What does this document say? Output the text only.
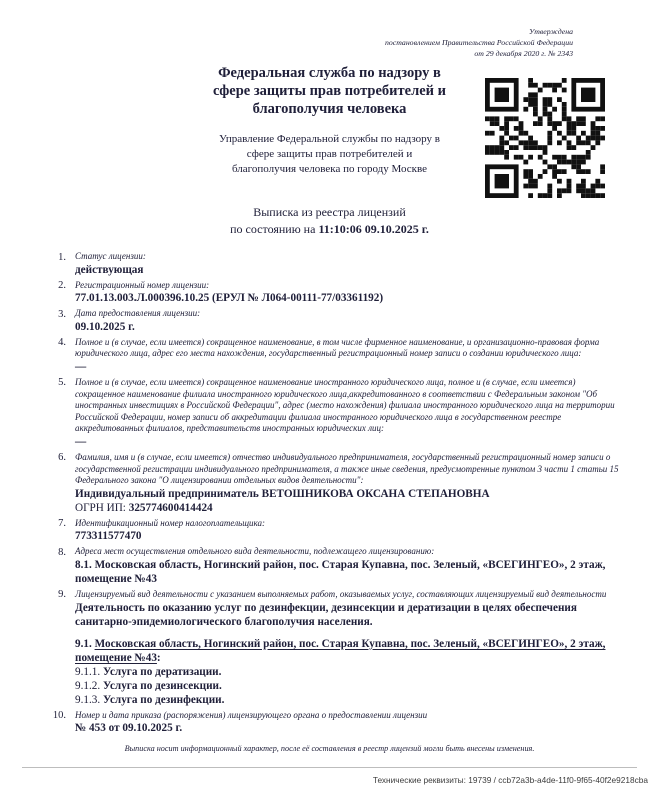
Утверждена
постановлением Правительства Российской Федерации
от 29 декабря 2020 г. № 2343
Федеральная служба по надзору в
сфере защиты прав потребителей и
благополучия человека
Управление Федеральной службы по надзору в
сфере защиты прав потребителей и
благополучия человека по городу Москве
Выписка из реестра лицензий
по состоянию на 11:10:06 09.10.2025 г.
1. Статус лицензии:
действующая
2. Регистрационный номер лицензии:
77.01.13.003.Л.000396.10.25 (ЕРУЛ № Л064-00111-77/03361192)
3. Дата предоставления лицензии:
09.10.2025 г.
4. Полное и (в случае, если имеется) сокращенное наименование, в том числе фирменное наименование, и организационно-правовая форма юридического лица, адрес его места нахождения, государственный регистрационный номер записи о создании юридического лица:
—
5. Полное и (в случае, если имеется) сокращенное наименование иностранного юридического лица, полное и (в случае, если имеется) сокращенное наименование филиала иностранного юридического лица,аккредитованного в соответствии с Федеральным законом "Об иностранных инвестициях в Российской Федерации", адрес (место нахождения) филиала иностранного юридического лица на территории Российской Федерации, номер записи об аккредитации филиала иностранного юридического лица в государственном реестре аккредитованных филиалов, представительств иностранных юридических лиц:
—
6. Фамилия, имя и (в случае, если имеется) отчество индивидуального предпринимателя, государственный регистрационный номер записи о государственной регистрации индивидуального предпринимателя, а также иные сведения, предусмотренные пунктом 3 части 1 статьи 15 Федерального закона "О лицензировании отдельных видов деятельности":
Индивидуальный предприниматель ВЕТОШНИКОВА ОКСАНА СТЕПАНОВНА
ОГРН ИП: 325774600414424
7. Идентификационный номер налогоплательщика:
773311577470
8. Адреса мест осуществления отдельного вида деятельности, подлежащего лицензированию:
8.1. Московская область, Ногинский район, пос. Старая Купавна, пос. Зеленый, «ВСЕГИНГЕО», 2 этаж, помещение №43
9. Лицензируемый вид деятельности с указанием выполняемых работ, оказываемых услуг, составляющих лицензируемый вид деятельности
Деятельность по оказанию услуг по дезинфекции, дезинсекции и дератизации в целях обеспечения санитарно-эпидемиологического благополучия населения.
9.1. Московская область, Ногинский район, пос. Старая Купавна, пос. Зеленый, «ВСЕГИНГЕО», 2 этаж, помещение №43:
9.1.1. Услуга по дератизации.
9.1.2. Услуга по дезинсекции.
9.1.3. Услуга по дезинфекции.
10. Номер и дата приказа (распоряжения) лицензирующего органа о предоставлении лицензии
№ 453 от 09.10.2025 г.
Выписка носит информационный характер, после её составления в реестр лицензий могли быть внесены изменения.
Технические реквизиты: 19739 / ccb72a3b-a4de-11f0-9f65-40f2e9218cba
